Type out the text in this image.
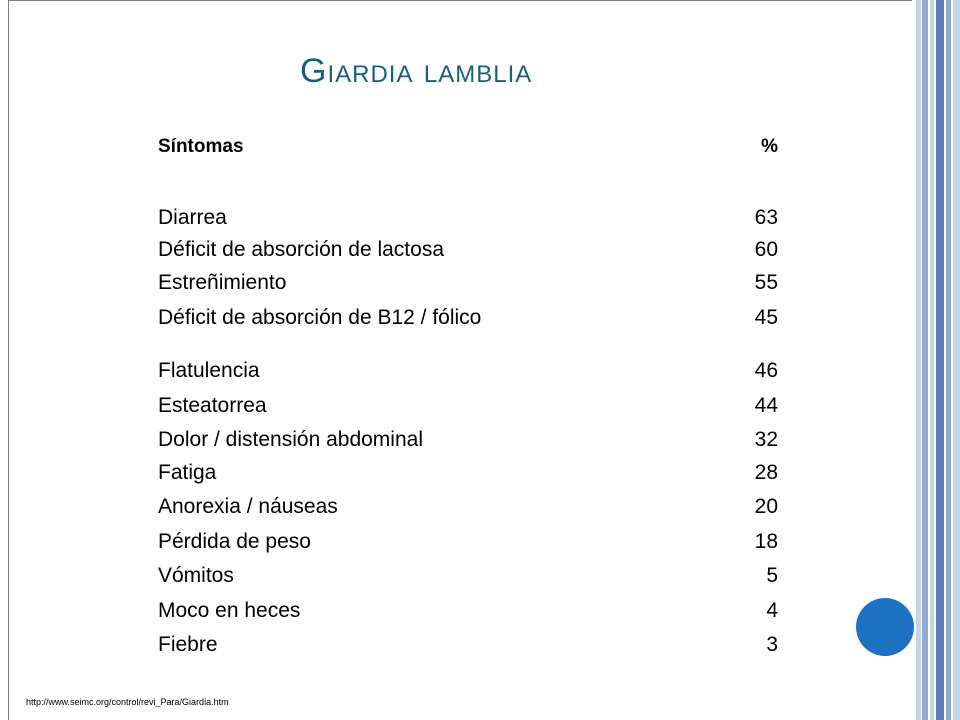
Giardia lamblia
Síntomas	%
Diarrea	63
Déficit de absorción de lactosa	60
Estreñimiento	55
Déficit de absorción de B12 / fólico	45
Flatulencia	46
Esteatorrea	44
Dolor / distensión abdominal	32
Fatiga	28
Anorexia / náuseas	20
Pérdida de peso	18
Vómitos	5
Moco en heces	4
Fiebre	3
http://www.seimc.org/control/revi_Para/Giardia.htm
